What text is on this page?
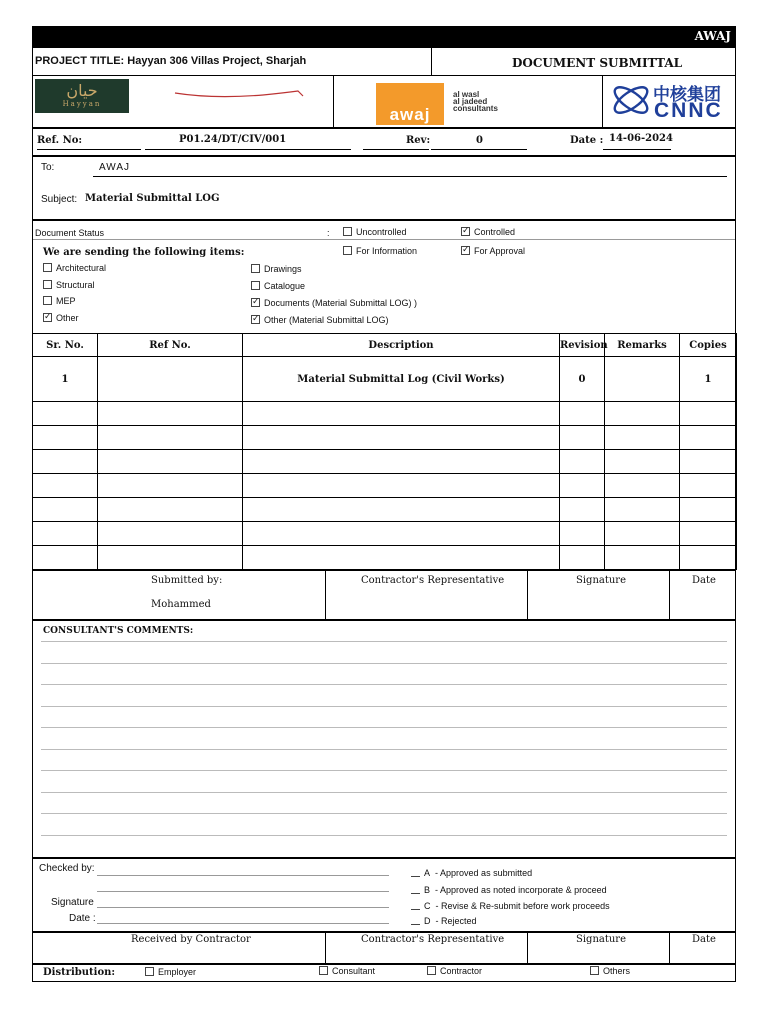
AWAJ
PROJECT TITLE: Hayyan 306 Villas Project, Sharjah	DOCUMENT SUBMITTAL
حيان
Hayyan
awaj
al wasl
al jadeed
consultants
中核集团
CNNC
Ref. No:	P01.24/DT/CIV/001	Rev:	0	Date : 14-06-2024
To:	AWAJ
Subject: Material Submittal LOG
Document Status	:	Uncontrolled ✓	Controlled
We are sending the following items:	For Information ✓	For Approval
Architectural
Structural
MEP
✓Other
Drawings
Catalogue
✓Documents (Material Submittal LOG) )
✓Other (Material Submittal LOG)
Sr. No.	Ref No.	Description	Revision	Remarks	Copies
1		Material Submittal Log (Civil Works)	0		1

Submitted by:
Mohammed
Contractor's Representative	Signature	Date
CONSULTANT'S COMMENTS:
Checked by:
Signature
Date :
A - Approved as submitted
B - Approved as noted incorporate & proceed
C - Revise & Re-submit before work proceeds
D - Rejected
Received by Contractor	Contractor's Representative	Signature	Date
Distribution:	Employer	Consultant	Contractor	Others
